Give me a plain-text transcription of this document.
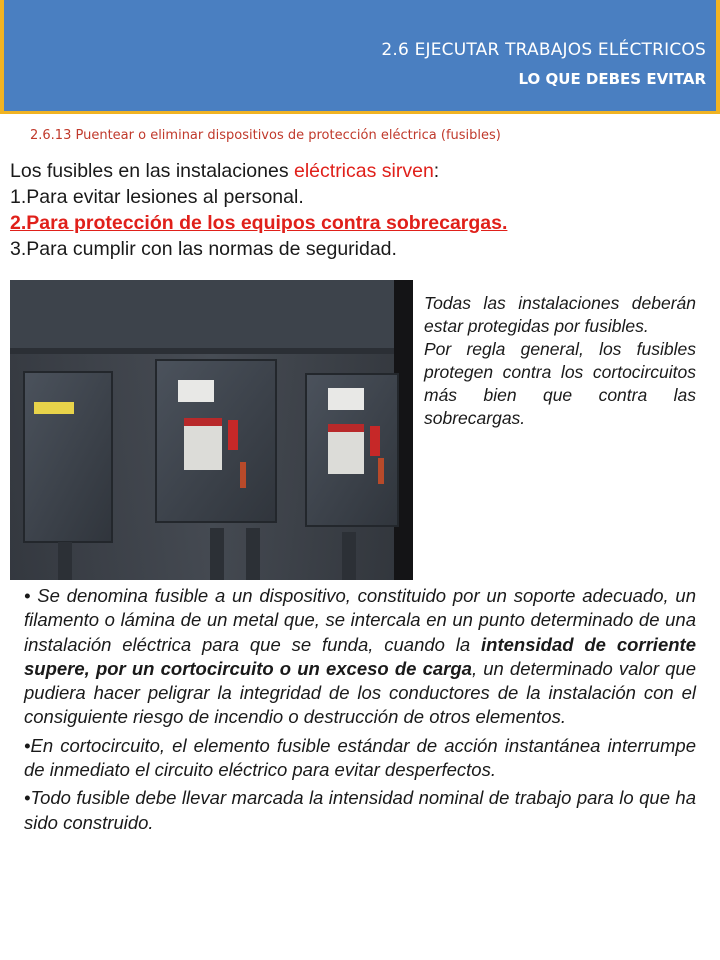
2.6 EJECUTAR TRABAJOS ELÉCTRICOS
LO QUE DEBES EVITAR
2.6.13 Puentear o eliminar dispositivos de protección eléctrica (fusibles)
Los fusibles en las instalaciones eléctricas sirven:
1.Para evitar lesiones al personal.
2.Para protección de los equipos contra sobrecargas.
3.Para cumplir con las normas de seguridad.

Todas las instalaciones deberán estar protegidas por fusibles.

Por regla general, los fusibles protegen contra los cortocircuitos más bien que contra las sobrecargas.

• Se denomina fusible a un dispositivo, constituido por un soporte adecuado, un filamento o lámina de un metal que, se intercala en un punto determinado de una instalación eléctrica para que se funda, cuando la intensidad de corriente supere, por un cortocircuito o un exceso de carga, un determinado valor que pudiera hacer peligrar la integridad de los conductores de la instalación con el consiguiente riesgo de incendio o destrucción de otros elementos.

•En cortocircuito, el elemento fusible estándar de acción instantánea interrumpe de inmediato el circuito eléctrico para evitar desperfectos.

•Todo fusible debe llevar marcada la intensidad nominal de trabajo para lo que ha sido construido.
